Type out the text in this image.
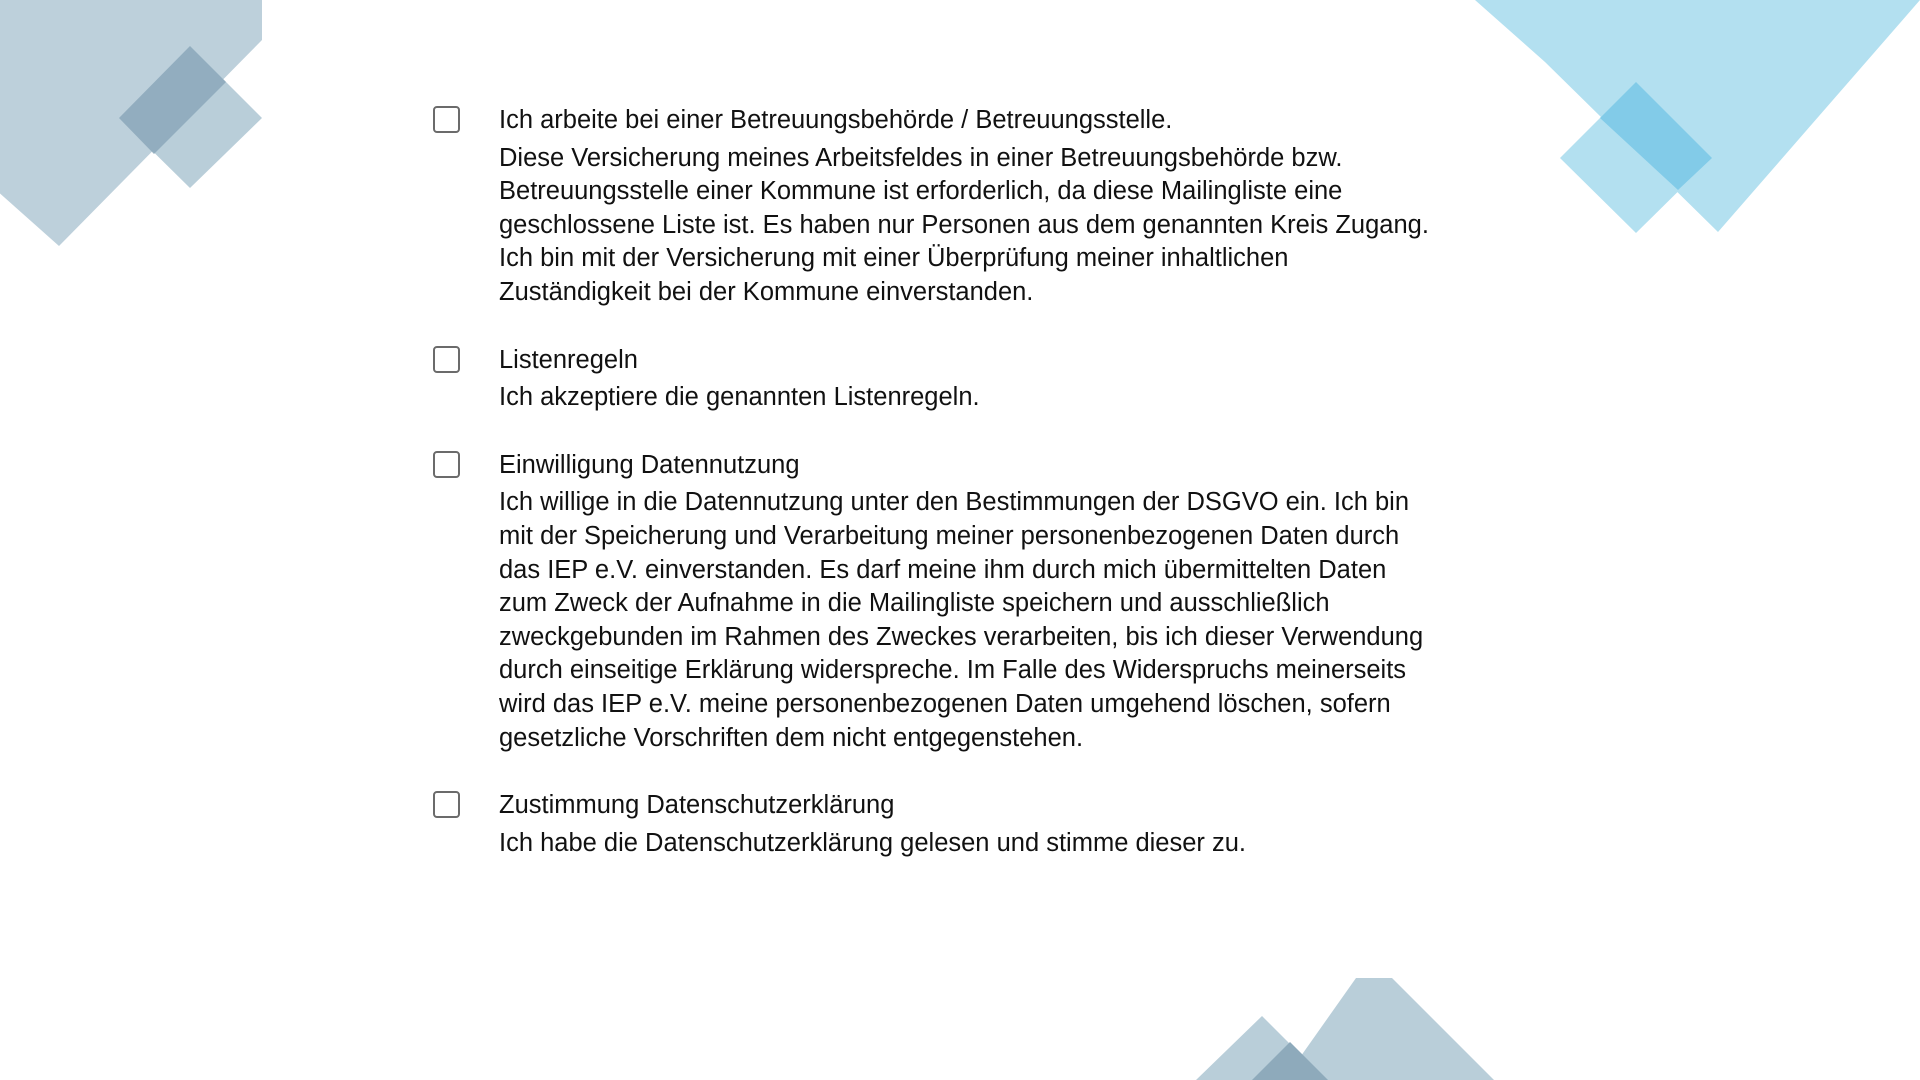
Ich arbeite bei einer Betreuungsbehörde / Betreuungsstelle.
Diese Versicherung meines Arbeitsfeldes in einer Betreuungsbehörde bzw. Betreuungsstelle einer Kommune ist erforderlich, da diese Mailingliste eine geschlossene Liste ist. Es haben nur Personen aus dem genannten Kreis Zugang. Ich bin mit der Versicherung mit einer Überprüfung meiner inhaltlichen Zuständigkeit bei der Kommune einverstanden.
Listenregeln
Ich akzeptiere die genannten Listenregeln.
Einwilligung Datennutzung
Ich willige in die Datennutzung unter den Bestimmungen der DSGVO ein. Ich bin mit der Speicherung und Verarbeitung meiner personenbezogenen Daten durch das IEP e.V. einverstanden. Es darf meine ihm durch mich übermittelten Daten zum Zweck der Aufnahme in die Mailingliste speichern und ausschließlich zweckgebunden im Rahmen des Zweckes verarbeiten, bis ich dieser Verwendung durch einseitige Erklärung widerspreche. Im Falle des Widerspruchs meinerseits wird das IEP e.V. meine personenbezogenen Daten umgehend löschen, sofern gesetzliche Vorschriften dem nicht entgegenstehen.
Zustimmung Datenschutzerklärung
Ich habe die Datenschutzerklärung gelesen und stimme dieser zu.
